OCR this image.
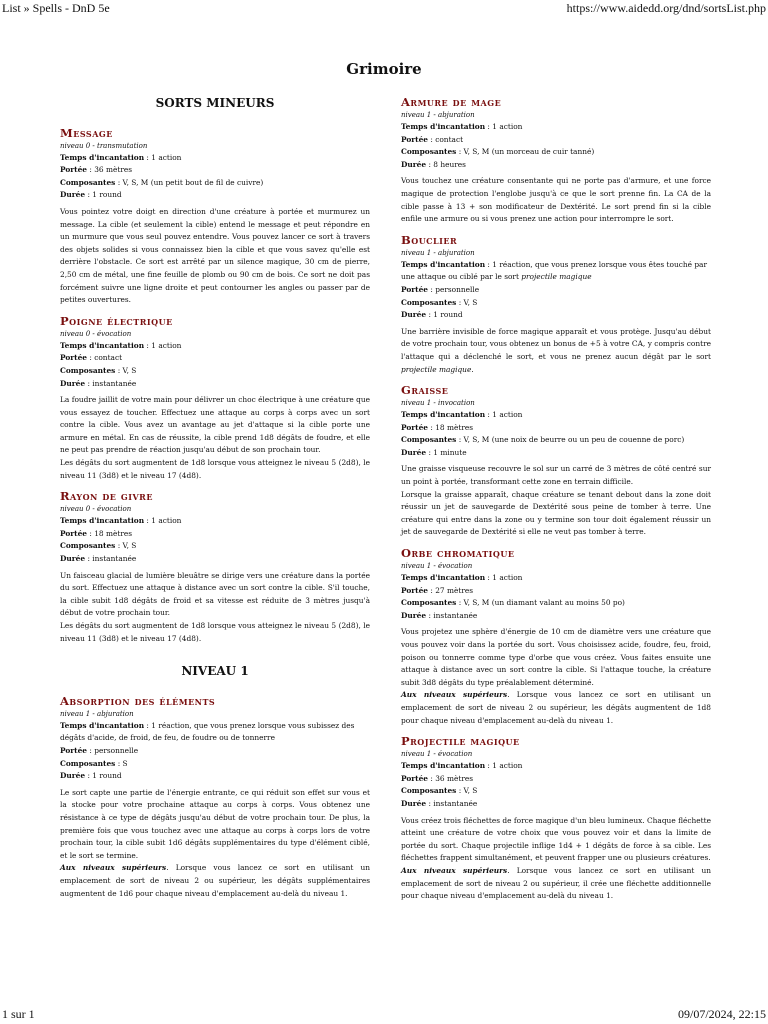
List » Spells - DnD 5e	https://www.aidedd.org/dnd/sortsList.php
Grimoire
SORTS MINEURS
Message
niveau 0 - transmutation
Temps d'incantation : 1 action
Portée : 36 mètres
Composantes : V, S, M (un petit bout de fil de cuivre)
Durée : 1 round
Vous pointez votre doigt en direction d'une créature à portée et murmurez un message. La cible (et seulement la cible) entend le message et peut répondre en un murmure que vous seul pouvez entendre. Vous pouvez lancer ce sort à travers des objets solides si vous connaissez bien la cible et que vous savez qu'elle est derrière l'obstacle. Ce sort est arrêté par un silence magique, 30 cm de pierre, 2,50 cm de métal, une fine feuille de plomb ou 90 cm de bois. Ce sort ne doit pas forcément suivre une ligne droite et peut contourner les angles ou passer par de petites ouvertures.
Poigne électrique
niveau 0 - évocation
Temps d'incantation : 1 action
Portée : contact
Composantes : V, S
Durée : instantanée
La foudre jaillit de votre main pour délivrer un choc électrique à une créature que vous essayez de toucher. Effectuez une attaque au corps à corps avec un sort contre la cible. Vous avez un avantage au jet d'attaque si la cible porte une armure en métal. En cas de réussite, la cible prend 1d8 dégâts de foudre, et elle ne peut pas prendre de réaction jusqu'au début de son prochain tour.
Les dégâts du sort augmentent de 1d8 lorsque vous atteignez le niveau 5 (2d8), le niveau 11 (3d8) et le niveau 17 (4d8).
Rayon de givre
niveau 0 - évocation
Temps d'incantation : 1 action
Portée : 18 mètres
Composantes : V, S
Durée : instantanée
Un faisceau glacial de lumière bleuâtre se dirige vers une créature dans la portée du sort. Effectuez une attaque à distance avec un sort contre la cible. S'il touche, la cible subit 1d8 dégâts de froid et sa vitesse est réduite de 3 mètres jusqu'à début de votre prochain tour.
Les dégâts du sort augmentent de 1d8 lorsque vous atteignez le niveau 5 (2d8), le niveau 11 (3d8) et le niveau 17 (4d8).
NIVEAU 1
Absorption des éléments
niveau 1 - abjuration
Temps d'incantation : 1 réaction, que vous prenez lorsque vous subissez des dégâts d'acide, de froid, de feu, de foudre ou de tonnerre
Portée : personnelle
Composantes : S
Durée : 1 round
Le sort capte une partie de l'énergie entrante, ce qui réduit son effet sur vous et la stocke pour votre prochaine attaque au corps à corps. Vous obtenez une résistance à ce type de dégâts jusqu'au début de votre prochain tour. De plus, la première fois que vous touchez avec une attaque au corps à corps lors de votre prochain tour, la cible subit 1d6 dégâts supplémentaires du type d'élément ciblé, et le sort se termine.
Aux niveaux supérieurs. Lorsque vous lancez ce sort en utilisant un emplacement de sort de niveau 2 ou supérieur, les dégâts supplémentaires augmentent de 1d6 pour chaque niveau d'emplacement au-delà du niveau 1.
Armure de mage
niveau 1 - abjuration
Temps d'incantation : 1 action
Portée : contact
Composantes : V, S, M (un morceau de cuir tanné)
Durée : 8 heures
Vous touchez une créature consentante qui ne porte pas d'armure, et une force magique de protection l'englobe jusqu'à ce que le sort prenne fin. La CA de la cible passe à 13 + son modificateur de Dextérité. Le sort prend fin si la cible enfile une armure ou si vous prenez une action pour interrompre le sort.
Bouclier
niveau 1 - abjuration
Temps d'incantation : 1 réaction, que vous prenez lorsque vous êtes touché par une attaque ou ciblé par le sort projectile magique
Portée : personnelle
Composantes : V, S
Durée : 1 round
Une barrière invisible de force magique apparaît et vous protège. Jusqu'au début de votre prochain tour, vous obtenez un bonus de +5 à votre CA, y compris contre l'attaque qui a déclenché le sort, et vous ne prenez aucun dégât par le sort projectile magique.
Graisse
niveau 1 - invocation
Temps d'incantation : 1 action
Portée : 18 mètres
Composantes : V, S, M (une noix de beurre ou un peu de couenne de porc)
Durée : 1 minute
Une graisse visqueuse recouvre le sol sur un carré de 3 mètres de côté centré sur un point à portée, transformant cette zone en terrain difficile.
Lorsque la graisse apparaît, chaque créature se tenant debout dans la zone doit réussir un jet de sauvegarde de Dextérité sous peine de tomber à terre. Une créature qui entre dans la zone ou y termine son tour doit également réussir un jet de sauvegarde de Dextérité si elle ne veut pas tomber à terre.
Orbe chromatique
niveau 1 - évocation
Temps d'incantation : 1 action
Portée : 27 mètres
Composantes : V, S, M (un diamant valant au moins 50 po)
Durée : instantanée
Vous projetez une sphère d'énergie de 10 cm de diamètre vers une créature que vous pouvez voir dans la portée du sort. Vous choisissez acide, foudre, feu, froid, poison ou tonnerre comme type d'orbe que vous créez. Vous faites ensuite une attaque à distance avec un sort contre la cible. Si l'attaque touche, la créature subit 3d8 dégâts du type préalablement déterminé.
Aux niveaux supérieurs. Lorsque vous lancez ce sort en utilisant un emplacement de sort de niveau 2 ou supérieur, les dégâts augmentent de 1d8 pour chaque niveau d'emplacement au-delà du niveau 1.
Projectile magique
niveau 1 - évocation
Temps d'incantation : 1 action
Portée : 36 mètres
Composantes : V, S
Durée : instantanée
Vous créez trois fléchettes de force magique d'un bleu lumineux. Chaque fléchette atteint une créature de votre choix que vous pouvez voir et dans la limite de portée du sort. Chaque projectile inflige 1d4 + 1 dégâts de force à sa cible. Les fléchettes frappent simultanément, et peuvent frapper une ou plusieurs créatures.
Aux niveaux supérieurs. Lorsque vous lancez ce sort en utilisant un emplacement de sort de niveau 2 ou supérieur, il crée une fléchette additionnelle pour chaque niveau d'emplacement au-delà du niveau 1.
1 sur 1	09/07/2024, 22:15
